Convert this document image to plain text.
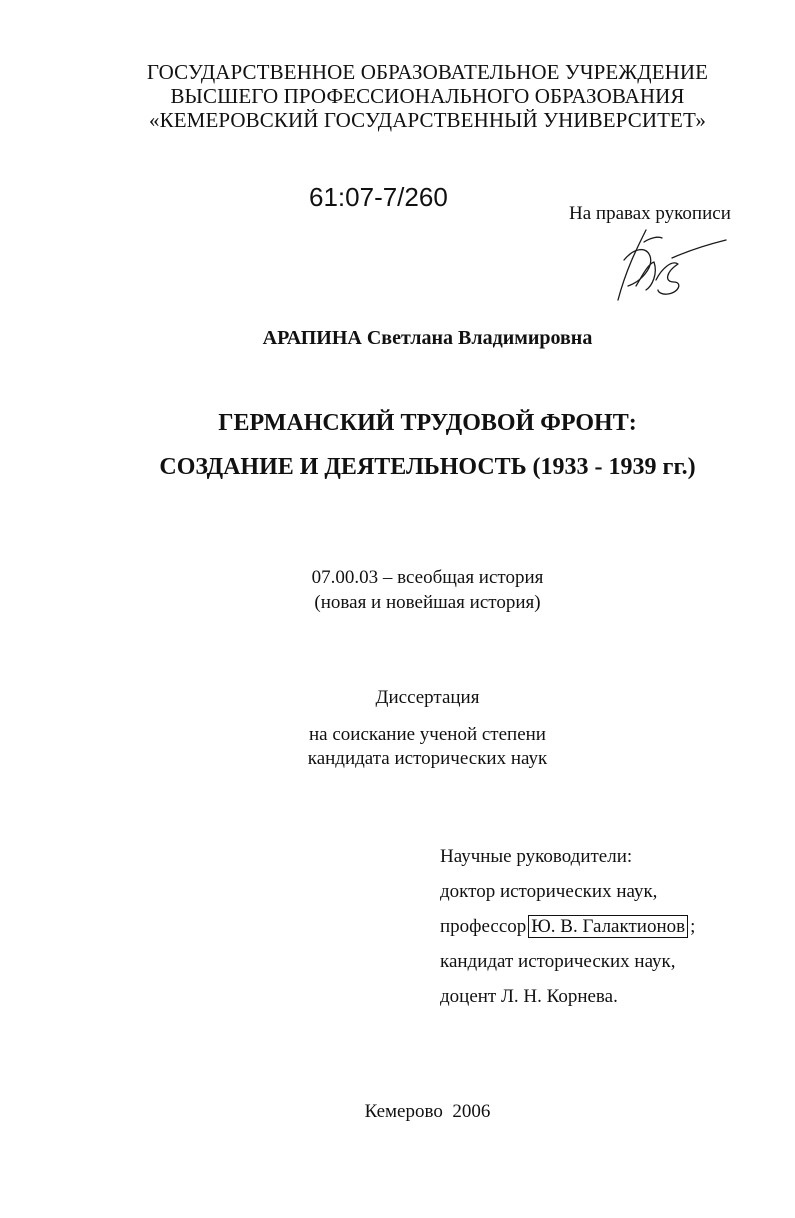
ГОСУДАРСТВЕННОЕ ОБРАЗОВАТЕЛЬНОЕ УЧРЕЖДЕНИЕ
ВЫСШЕГО ПРОФЕССИОНАЛЬНОГО ОБРАЗОВАНИЯ
«КЕМЕРОВСКИЙ ГОСУДАРСТВЕННЫЙ УНИВЕРСИТЕТ»
61:07-7/260
На правах рукописи
АРАПИНА Светлана Владимировна
ГЕРМАНСКИЙ ТРУДОВОЙ ФРОНТ:
СОЗДАНИЕ И ДЕЯТЕЛЬНОСТЬ (1933 - 1939 гг.)
07.00.03 – всеобщая история
(новая и новейшая история)
Диссертация
на соискание ученой степени
кандидата исторических наук
Научные руководители:
доктор исторических наук,
профессор Ю. В. Галактионов ;
кандидат исторических наук,
доцент Л. Н. Корнева.
Кемерово  2006
